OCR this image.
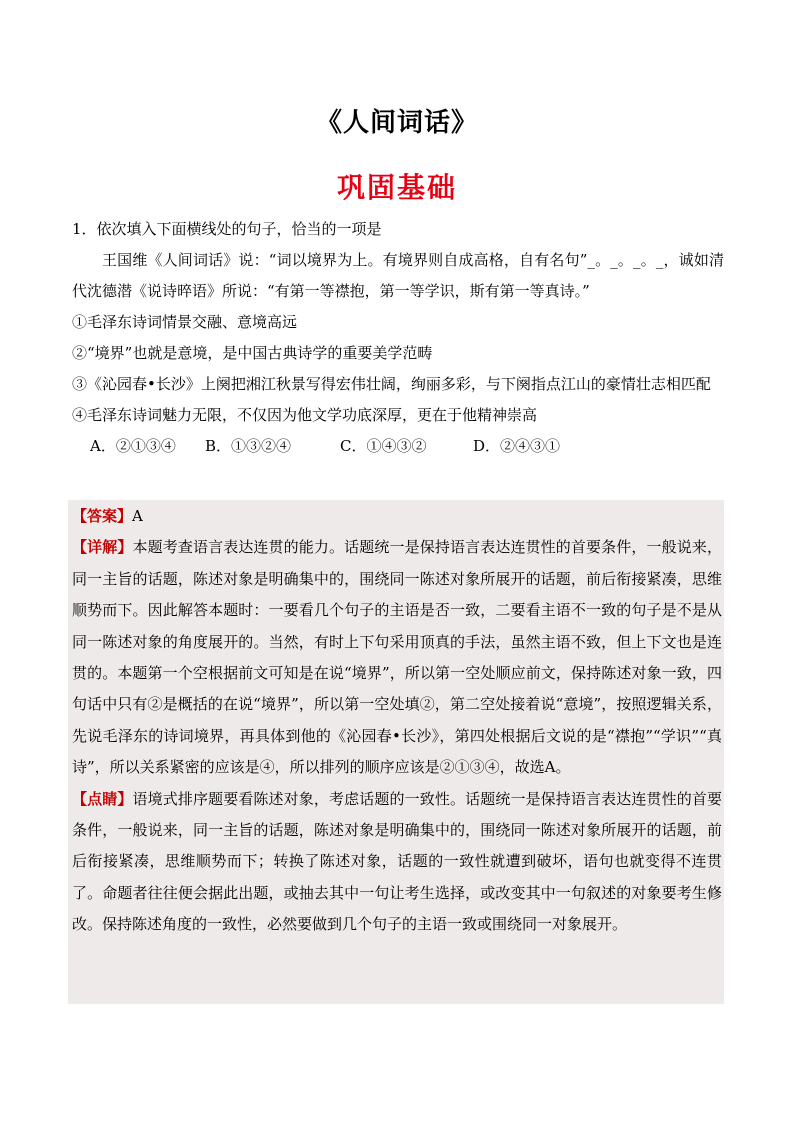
《人间词话》
巩固基础

1．依次填入下面横线处的句子，恰当的一项是

王国维《人间词话》说：“词以境界为上。有境界则自成高格，自有名句”_。_。_。_，诚如清代沈德潜《说诗晬语》所说：“有第一等襟抱，第一等学识，斯有第一等真诗。”

①毛泽东诗词情景交融、意境高远

②“境界”也就是意境，是中国古典诗学的重要美学范畴

③《沁园春•长沙》上阕把湘江秋景写得宏伟壮阔，绚丽多彩，与下阕指点江山的豪情壮志相匹配

④毛泽东诗词魅力无限，不仅因为他文学功底深厚，更在于他精神崇高

A．②①③④	B．①③②④	C．①④③②	D．②④③①

【答案】A

【详解】本题考查语言表达连贯的能力。话题统一是保持语言表达连贯性的首要条件，一般说来，同一主旨的话题，陈述对象是明确集中的，围绕同一陈述对象所展开的话题，前后衔接紧凑，思维顺势而下。因此解答本题时：一要看几个句子的主语是否一致，二要看主语不一致的句子是不是从同一陈述对象的角度展开的。当然，有时上下句采用顶真的手法，虽然主语不致，但上下文也是连贯的。本题第一个空根据前文可知是在说“境界”，所以第一空处顺应前文，保持陈述对象一致，四句话中只有②是概括的在说“境界”，所以第一空处填②，第二空处接着说“意境”，按照逻辑关系，先说毛泽东的诗词境界，再具体到他的《沁园春•长沙》，第四处根据后文说的是“襟抱”“学识”“真诗”，所以关系紧密的应该是④，所以排列的顺序应该是②①③④，故选A。

【点睛】语境式排序题要看陈述对象，考虑话题的一致性。话题统一是保持语言表达连贯性的首要条件，一般说来，同一主旨的话题，陈述对象是明确集中的，围绕同一陈述对象所展开的话题，前后衔接紧凑，思维顺势而下；转换了陈述对象，话题的一致性就遭到破坏，语句也就变得不连贯了。命题者往往便会据此出题，或抽去其中一句让考生选择，或改变其中一句叙述的对象要考生修改。保持陈述角度的一致性，必然要做到几个句子的主语一致或围绕同一对象展开。
